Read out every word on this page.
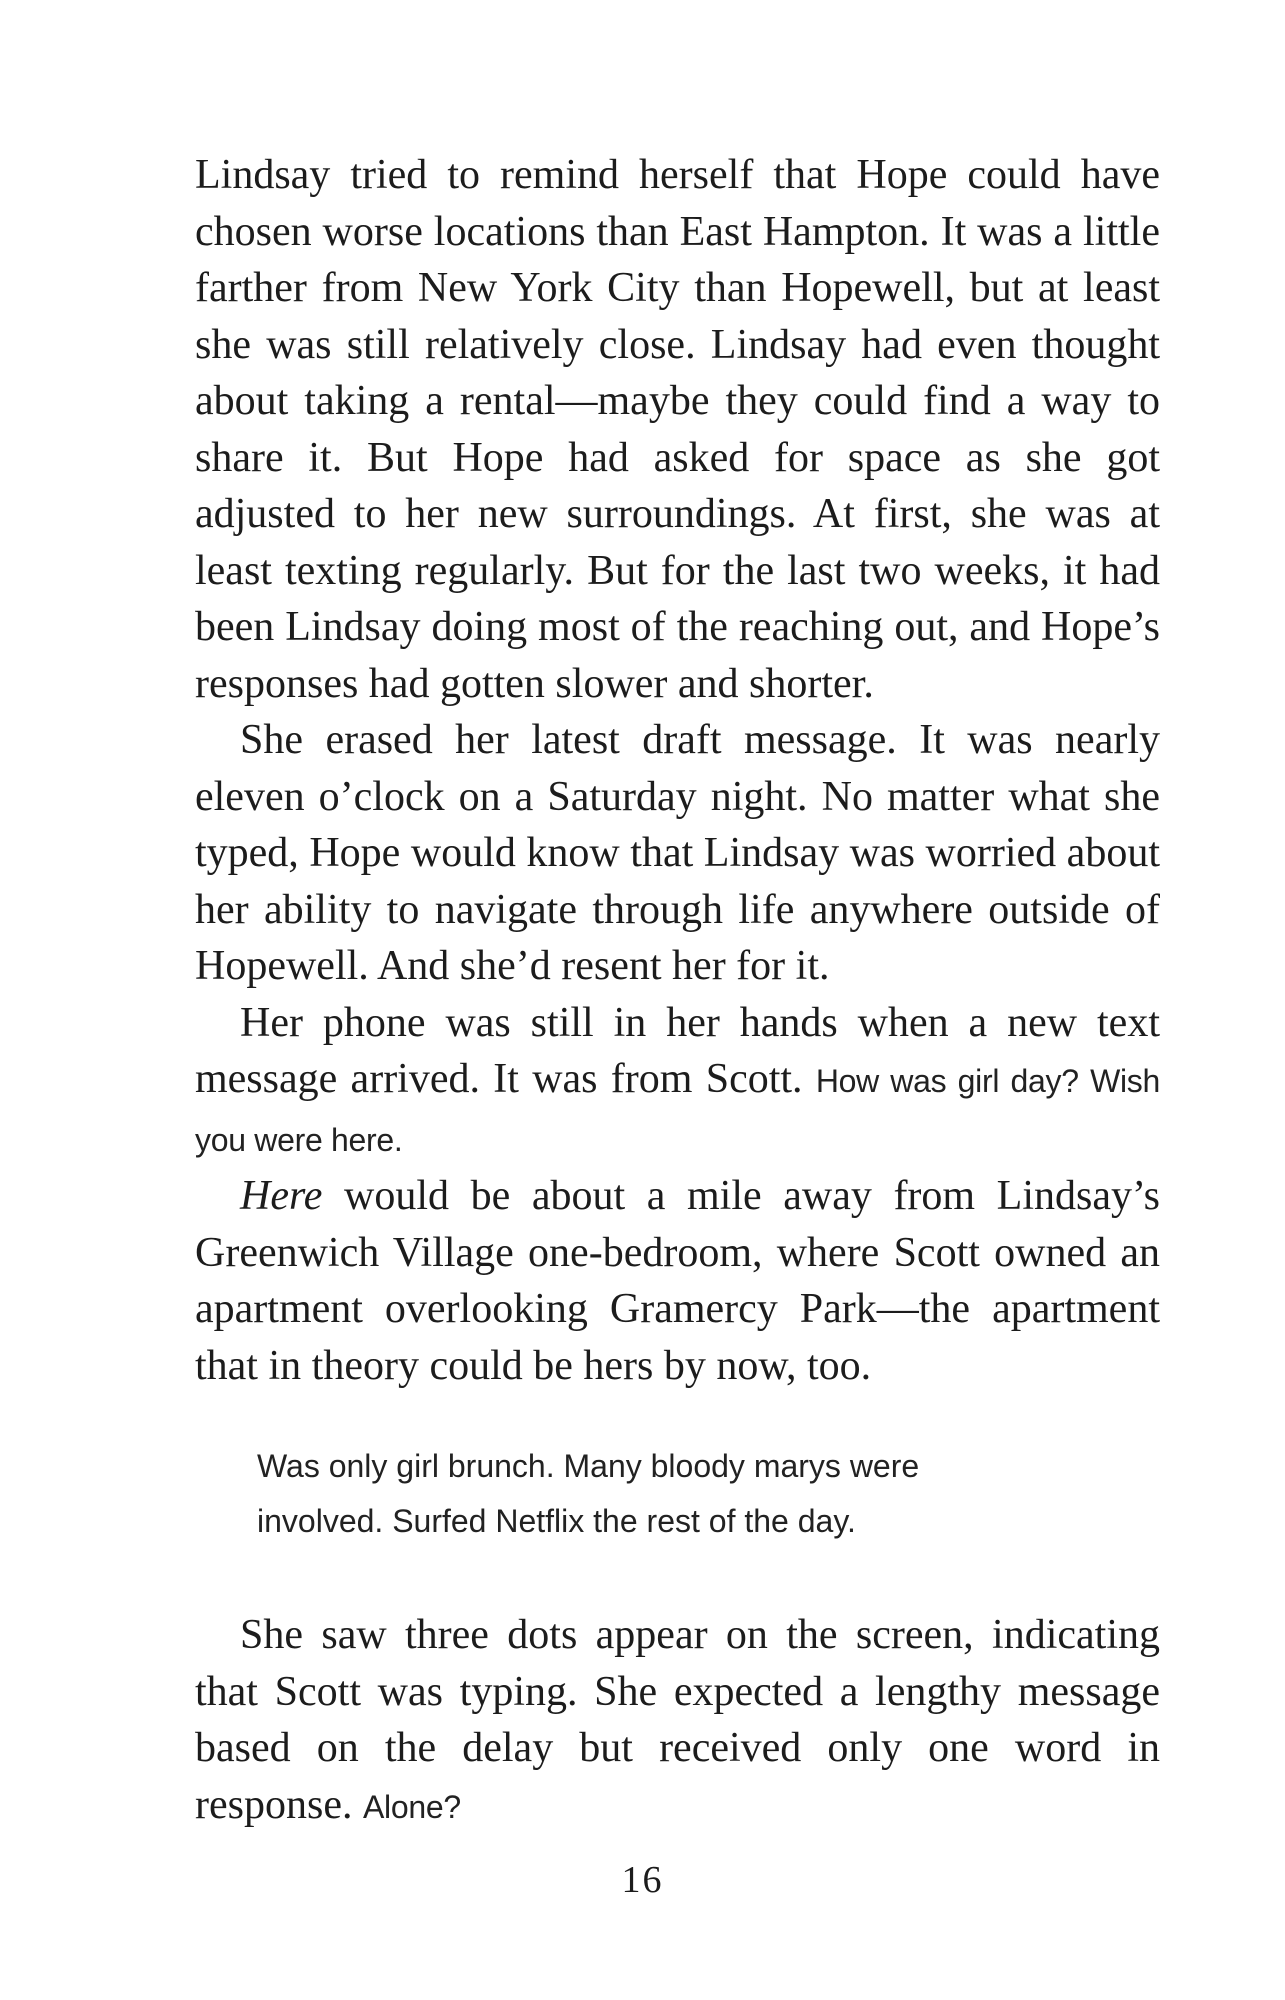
Lindsay tried to remind herself that Hope could have chosen worse locations than East Hampton. It was a little farther from New York City than Hopewell, but at least she was still relatively close. Lindsay had even thought about taking a rental—maybe they could find a way to share it. But Hope had asked for space as she got adjusted to her new surroundings. At first, she was at least texting regularly. But for the last two weeks, it had been Lindsay doing most of the reaching out, and Hope’s responses had gotten slower and shorter.

She erased her latest draft message. It was nearly eleven o’clock on a Saturday night. No matter what she typed, Hope would know that Lindsay was worried about her ability to navigate through life anywhere outside of Hopewell. And she’d resent her for it.

Her phone was still in her hands when a new text message arrived. It was from Scott. How was girl day? Wish you were here.

Here would be about a mile away from Lindsay’s Greenwich Village one-bedroom, where Scott owned an apartment overlooking Gramercy Park—the apartment that in theory could be hers by now, too.

Was only girl brunch. Many bloody marys were involved. Surfed Netflix the rest of the day.

She saw three dots appear on the screen, indicating that Scott was typing. She expected a lengthy message based on the delay but received only one word in response. Alone?

16
